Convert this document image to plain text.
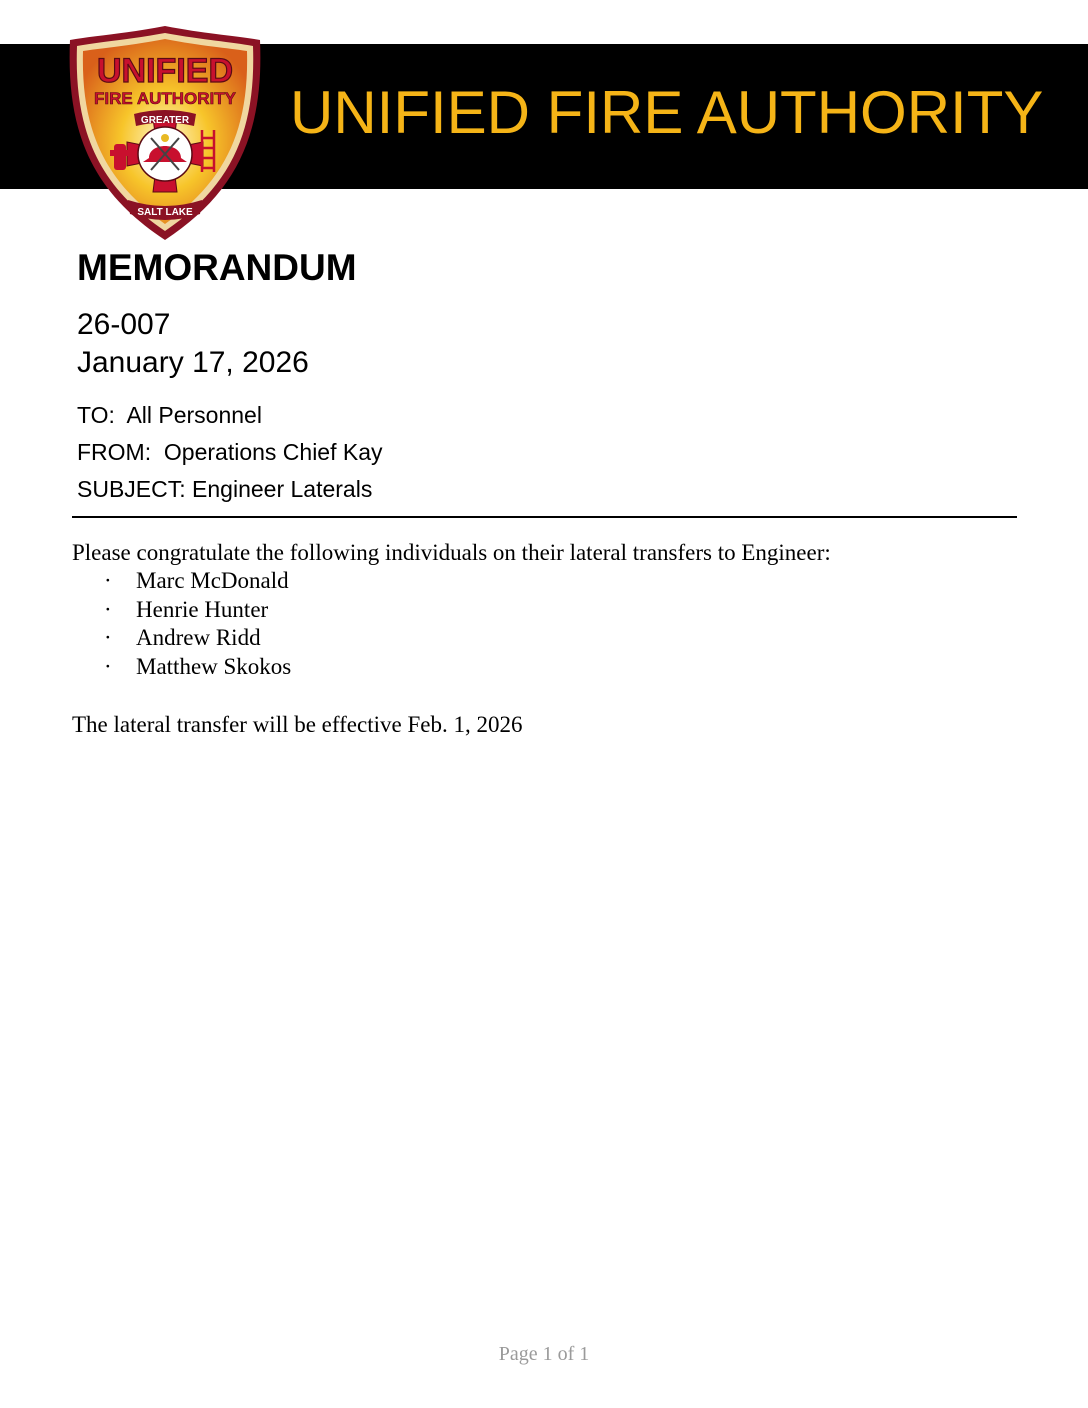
UNIFIED FIRE AUTHORITY
UNIFIED
FIRE AUTHORITY
GREATER
SALT LAKE
MEMORANDUM
26-007
January 17, 2026
TO: All Personnel
FROM: Operations Chief Kay
SUBJECT: Engineer Laterals
Please congratulate the following individuals on their lateral transfers to Engineer:
· Marc McDonald
· Henrie Hunter
· Andrew Ridd
· Matthew Skokos
The lateral transfer will be effective Feb. 1, 2026
Page 1 of 1
